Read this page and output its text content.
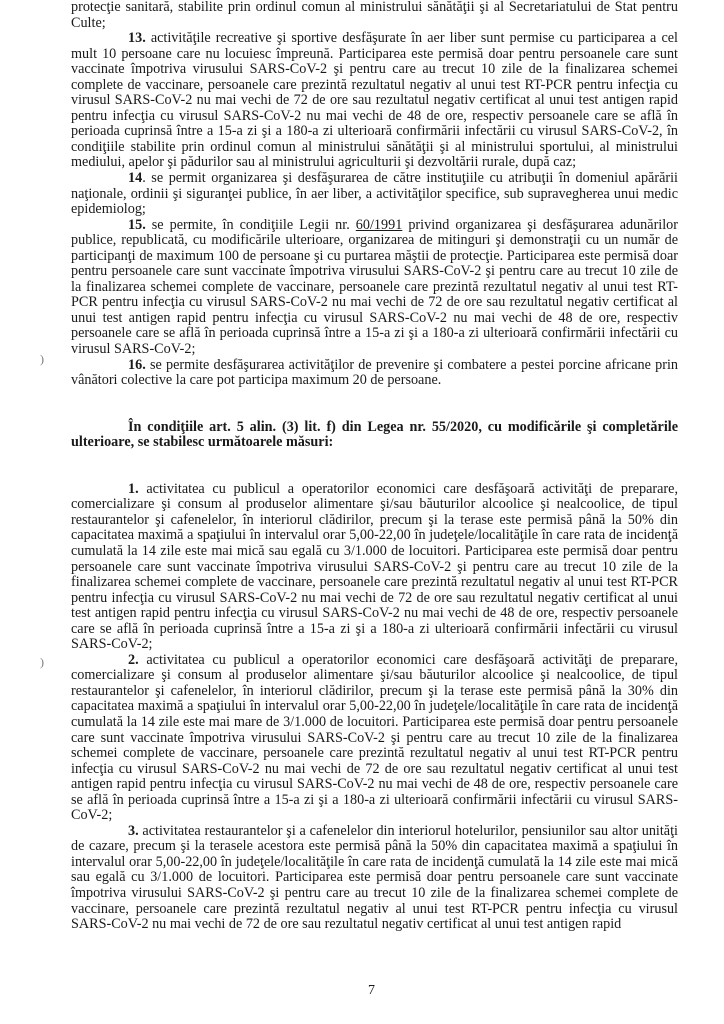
protecţie sanitară, stabilite prin ordinul comun al ministrului sănătăţii şi al Secretariatului de Stat pentru Culte;

13. activităţile recreative şi sportive desfăşurate în aer liber sunt permise cu participarea a cel mult 10 persoane care nu locuiesc împreună. Participarea este permisă doar pentru persoanele care sunt vaccinate împotriva virusului SARS-CoV-2 şi pentru care au trecut 10 zile de la finalizarea schemei complete de vaccinare, persoanele care prezintă rezultatul negativ al unui test RT-PCR pentru infecţia cu virusul SARS-CoV-2 nu mai vechi de 72 de ore sau rezultatul negativ certificat al unui test antigen rapid pentru infecţia cu virusul SARS-CoV-2 nu mai vechi de 48 de ore, respectiv persoanele care se află în perioada cuprinsă între a 15-a zi şi a 180-a zi ulterioară confirmării infectării cu virusul SARS-CoV-2, în condiţiile stabilite prin ordinul comun al ministrului sănătăţii şi al ministrului sportului, al ministrului mediului, apelor şi pădurilor sau al ministrului agriculturii şi dezvoltării rurale, după caz;

14. se permit organizarea şi desfăşurarea de către instituţiile cu atribuţii în domeniul apărării naţionale, ordinii şi siguranţei publice, în aer liber, a activităţilor specifice, sub supravegherea unui medic epidemiolog;

15. se permite, în condiţiile Legii nr. 60/1991 privind organizarea şi desfăşurarea adunărilor publice, republicată, cu modificările ulterioare, organizarea de mitinguri şi demonstraţii cu un număr de participanţi de maximum 100 de persoane şi cu purtarea măştii de protecţie. Participarea este permisă doar pentru persoanele care sunt vaccinate împotriva virusului SARS-CoV-2 şi pentru care au trecut 10 zile de la finalizarea schemei complete de vaccinare, persoanele care prezintă rezultatul negativ al unui test RT-PCR pentru infecţia cu virusul SARS-CoV-2 nu mai vechi de 72 de ore sau rezultatul negativ certificat al unui test antigen rapid pentru infecţia cu virusul SARS-CoV-2 nu mai vechi de 48 de ore, respectiv persoanele care se află în perioada cuprinsă între a 15-a zi şi a 180-a zi ulterioară confirmării infectării cu virusul SARS-CoV-2;

16. se permite desfăşurarea activităţilor de prevenire şi combatere a pestei porcine africane prin vânători colective la care pot participa maximum 20 de persoane.

În condiţiile art. 5 alin. (3) lit. f) din Legea nr. 55/2020, cu modificările şi completările ulterioare, se stabilesc următoarele măsuri:

1. activitatea cu publicul a operatorilor economici care desfăşoară activităţi de preparare, comercializare şi consum al produselor alimentare şi/sau băuturilor alcoolice şi nealcoolice, de tipul restaurantelor şi cafenelelor, în interiorul clădirilor, precum şi la terase este permisă până la 50% din capacitatea maximă a spaţiului în intervalul orar 5,00-22,00 în judeţele/localităţile în care rata de incidenţă cumulată la 14 zile este mai mică sau egală cu 3/1.000 de locuitori. Participarea este permisă doar pentru persoanele care sunt vaccinate împotriva virusului SARS-CoV-2 şi pentru care au trecut 10 zile de la finalizarea schemei complete de vaccinare, persoanele care prezintă rezultatul negativ al unui test RT-PCR pentru infecţia cu virusul SARS-CoV-2 nu mai vechi de 72 de ore sau rezultatul negativ certificat al unui test antigen rapid pentru infecţia cu virusul SARS-CoV-2 nu mai vechi de 48 de ore, respectiv persoanele care se află în perioada cuprinsă între a 15-a zi şi a 180-a zi ulterioară confirmării infectării cu virusul SARS-CoV-2;

2. activitatea cu publicul a operatorilor economici care desfăşoară activităţi de preparare, comercializare şi consum al produselor alimentare şi/sau băuturilor alcoolice şi nealcoolice, de tipul restaurantelor şi cafenelelor, în interiorul clădirilor, precum şi la terase este permisă până la 30% din capacitatea maximă a spaţiului în intervalul orar 5,00-22,00 în judeţele/localităţile în care rata de incidenţă cumulată la 14 zile este mai mare de 3/1.000 de locuitori. Participarea este permisă doar pentru persoanele care sunt vaccinate împotriva virusului SARS-CoV-2 şi pentru care au trecut 10 zile de la finalizarea schemei complete de vaccinare, persoanele care prezintă rezultatul negativ al unui test RT-PCR pentru infecţia cu virusul SARS-CoV-2 nu mai vechi de 72 de ore sau rezultatul negativ certificat al unui test antigen rapid pentru infecţia cu virusul SARS-CoV-2 nu mai vechi de 48 de ore, respectiv persoanele care se află în perioada cuprinsă între a 15-a zi şi a 180-a zi ulterioară confirmării infectării cu virusul SARS-CoV-2;

3. activitatea restaurantelor şi a cafenelelor din interiorul hotelurilor, pensiunilor sau altor unităţi de cazare, precum şi la terasele acestora este permisă până la 50% din capacitatea maximă a spaţiului în intervalul orar 5,00-22,00 în judeţele/localităţile în care rata de incidenţă cumulată la 14 zile este mai mică sau egală cu 3/1.000 de locuitori. Participarea este permisă doar pentru persoanele care sunt vaccinate împotriva virusului SARS-CoV-2 şi pentru care au trecut 10 zile de la finalizarea schemei complete de vaccinare, persoanele care prezintă rezultatul negativ al unui test RT-PCR pentru infecţia cu virusul SARS-CoV-2 nu mai vechi de 72 de ore sau rezultatul negativ certificat al unui test antigen rapid

)
)
7
